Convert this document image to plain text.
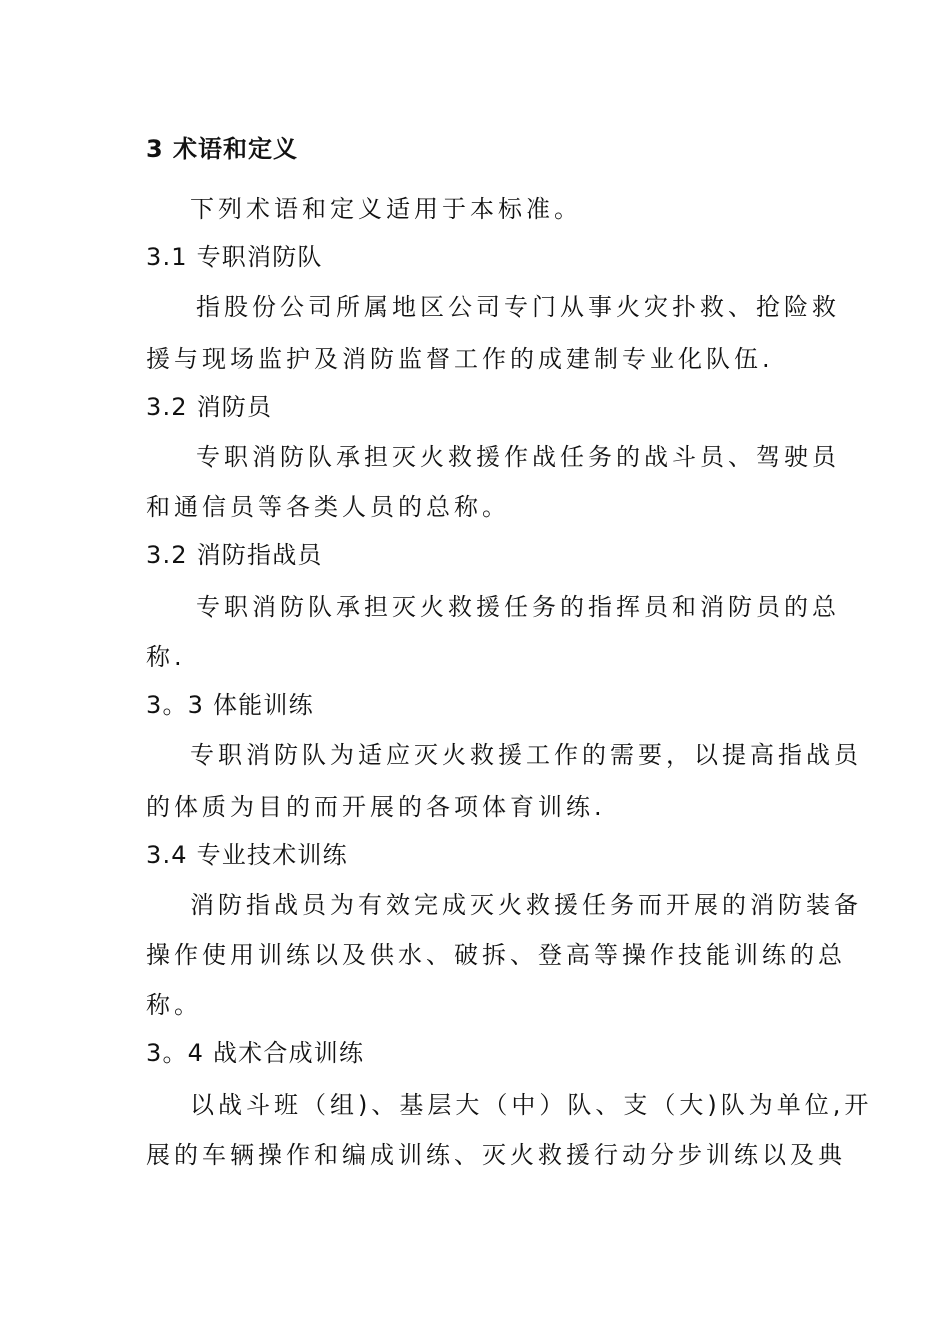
3 术语和定义
下列术语和定义适用于本标准。
3.1 专职消防队
指股份公司所属地区公司专门从事火灾扑救、抢险救
援与现场监护及消防监督工作的成建制专业化队伍.
3.2 消防员
专职消防队承担灭火救援作战任务的战斗员、驾驶员
和通信员等各类人员的总称。
3.2 消防指战员
专职消防队承担灭火救援任务的指挥员和消防员的总
称.
3。3 体能训练
专职消防队为适应灭火救援工作的需要，以提高指战员
的体质为目的而开展的各项体育训练.
3.4 专业技术训练
消防指战员为有效完成灭火救援任务而开展的消防装备
操作使用训练以及供水、破拆、登高等操作技能训练的总
称。
3。4 战术合成训练
以战斗班（组)、基层大（中）队、支（大)队为单位,开
展的车辆操作和编成训练、灭火救援行动分步训练以及典
